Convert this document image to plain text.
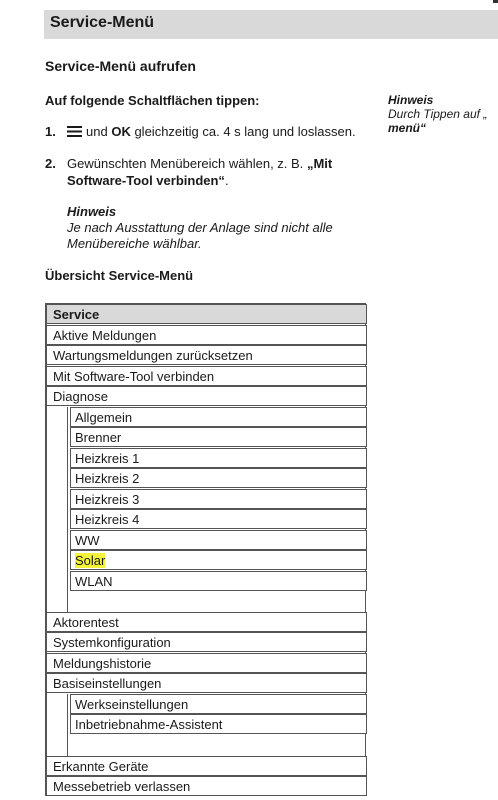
Service-Menü
Service-Menü aufrufen
Auf folgende Schaltflächen tippen:
1.	und OK gleichzeitig ca. 4 s lang und loslassen.
2. Gewünschten Menübereich wählen, z. B. „Mit
Software-Tool verbinden“.
Hinweis
Je nach Ausstattung der Anlage sind nicht alle
Menübereiche wählbar.
Hinweis
Durch Tippen auf „
menü“
Übersicht Service-Menü
Service
Aktive Meldungen
Wartungsmeldungen zurücksetzen
Mit Software-Tool verbinden
Diagnose
Allgemein
Brenner
Heizkreis 1
Heizkreis 2
Heizkreis 3
Heizkreis 4
WW
Solar
WLAN
Aktorentest
Systemkonfiguration
Meldungshistorie
Basiseinstellungen
Werkseinstellungen
Inbetriebnahme-Assistent
Erkannte Geräte
Messebetrieb verlassen
